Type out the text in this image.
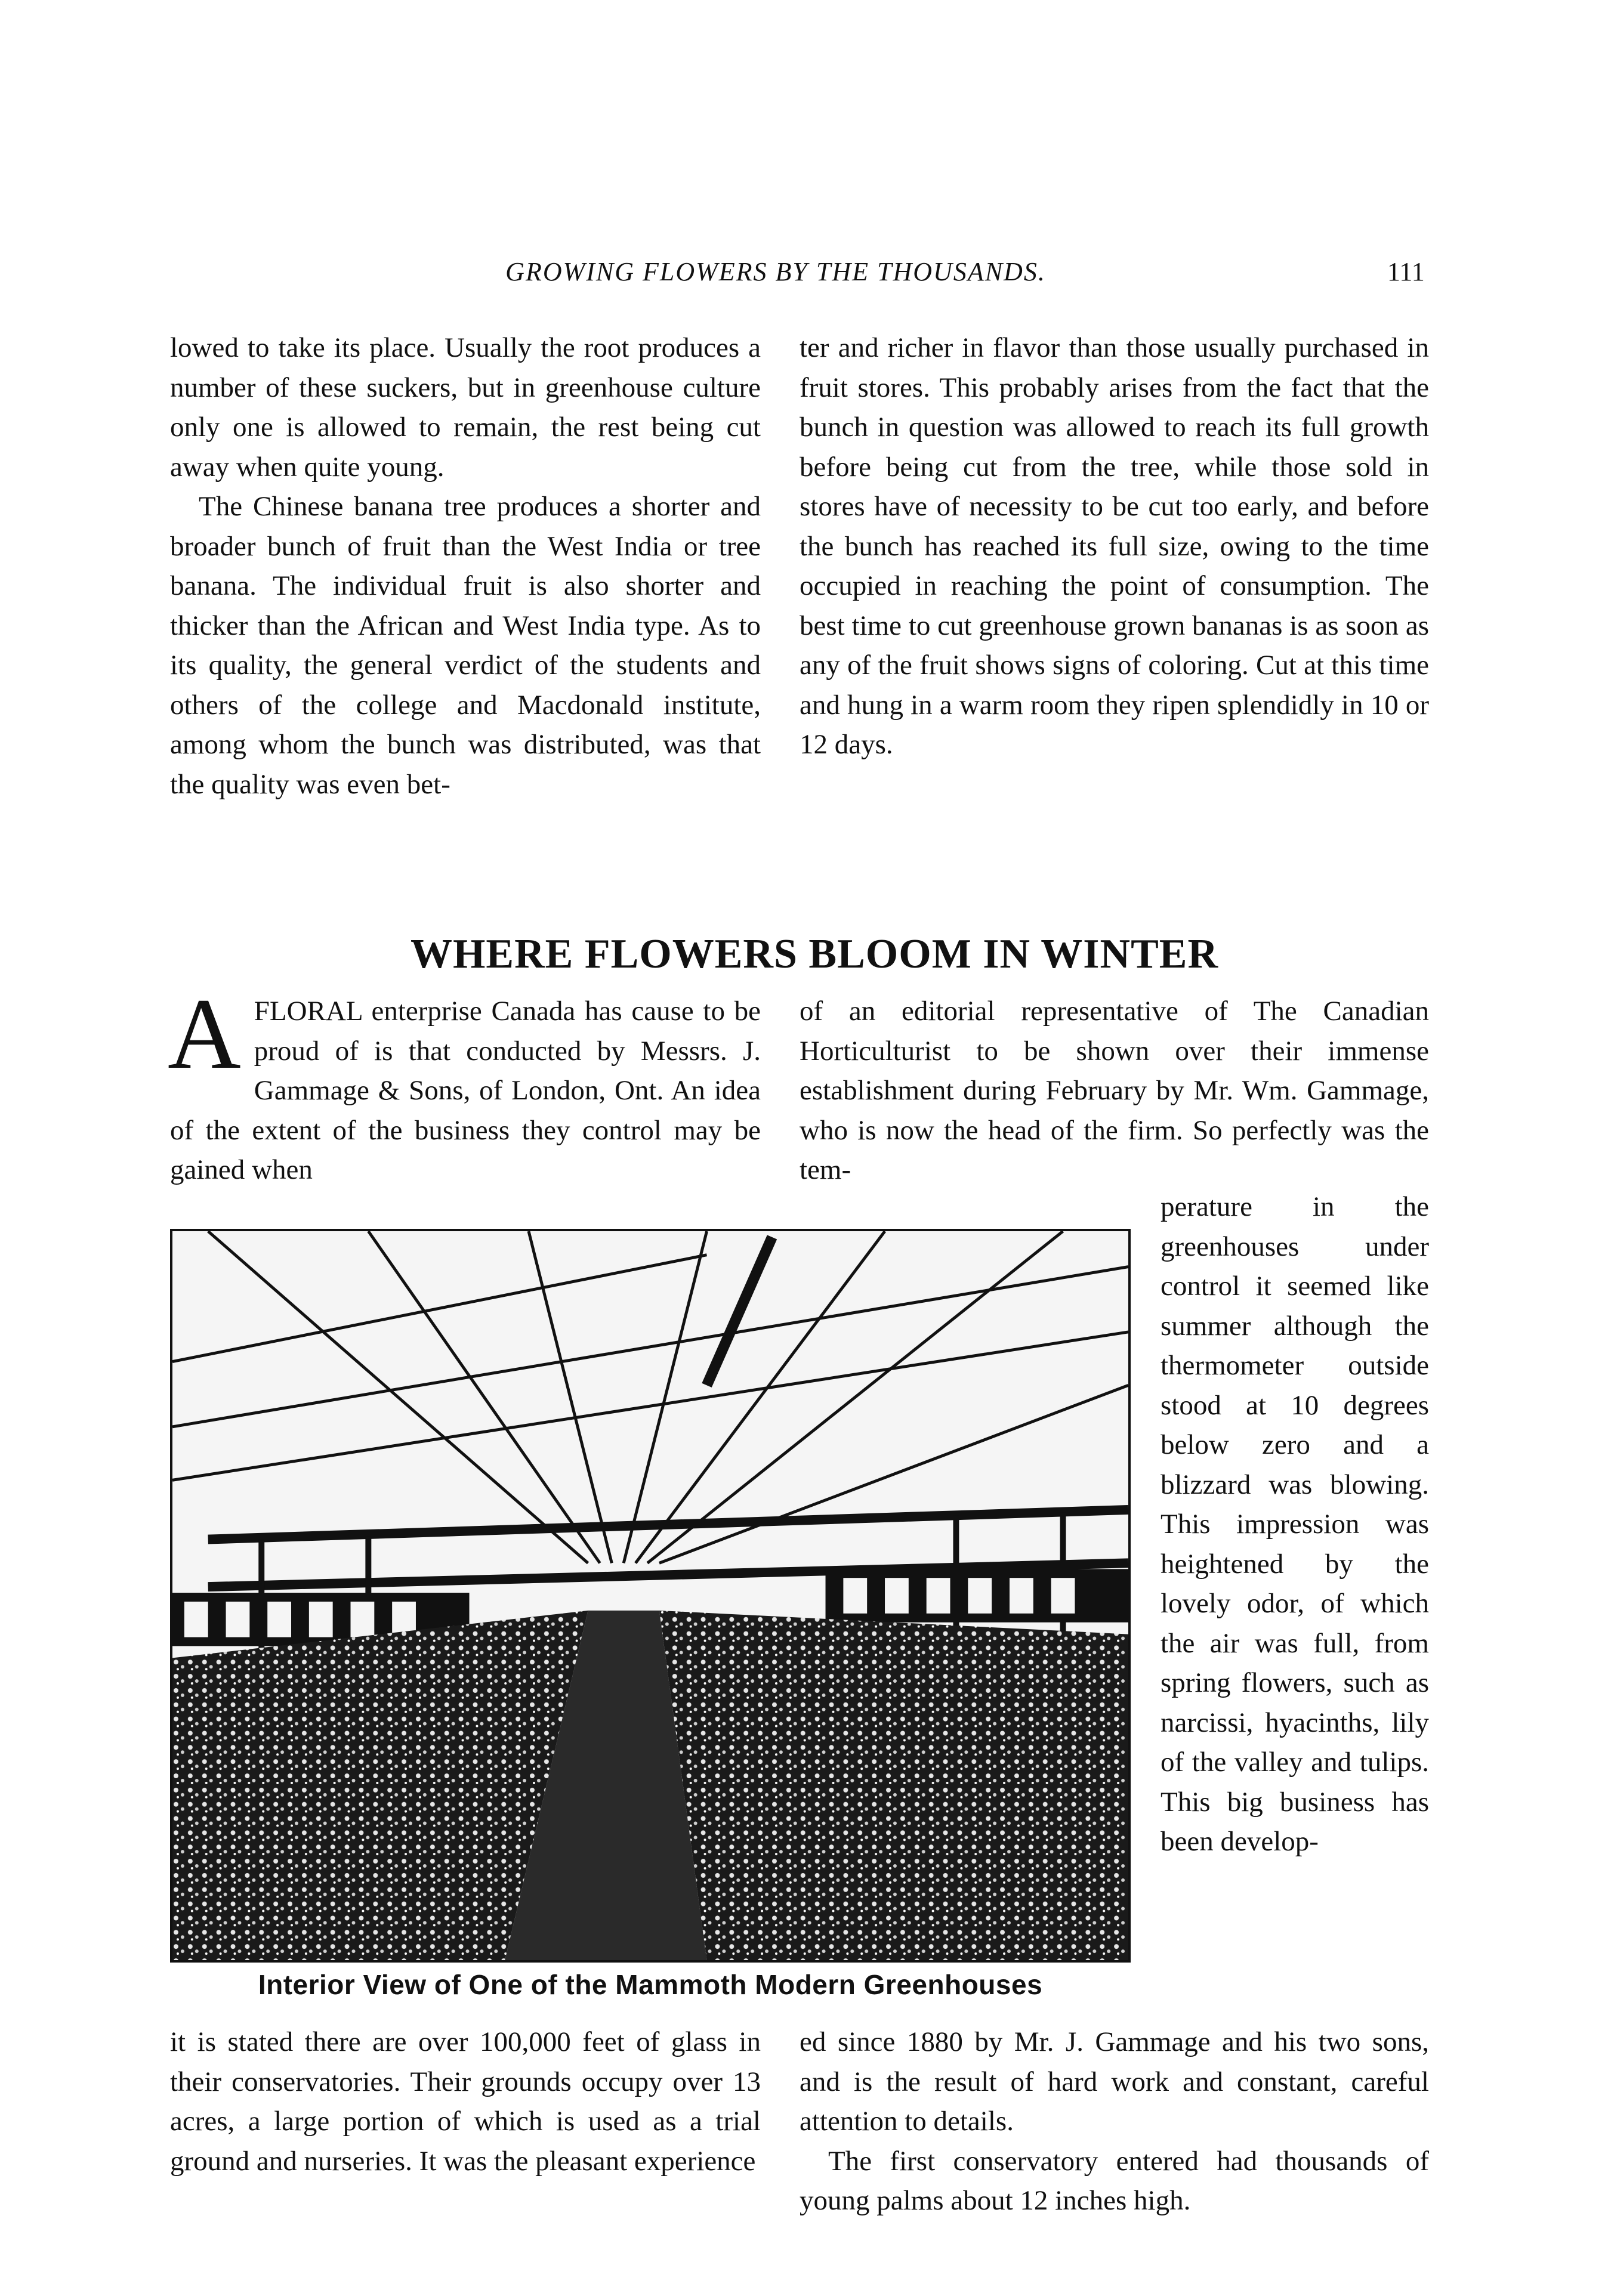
GROWING FLOWERS BY THE THOUSANDS.	111

lowed to take its place. Usually the root produces a number of these suckers, but in greenhouse culture only one is allowed to remain, the rest being cut away when quite young.

The Chinese banana tree produces a shorter and broader bunch of fruit than the West India or tree banana. The individual fruit is also shorter and thicker than the African and West India type. As to its quality, the general verdict of the students and others of the college and Macdonald institute, among whom the bunch was distributed, was that the quality was even bet-

ter and richer in flavor than those usually purchased in fruit stores. This probably arises from the fact that the bunch in question was allowed to reach its full growth before being cut from the tree, while those sold in stores have of necessity to be cut too early, and before the bunch has reached its full size, owing to the time occupied in reaching the point of consumption. The best time to cut greenhouse grown bananas is as soon as any of the fruit shows signs of coloring. Cut at this time and hung in a warm room they ripen splendidly in 10 or 12 days.

WHERE FLOWERS BLOOM IN WINTER

A FLORAL enterprise Canada has cause to be proud of is that conducted by Messrs. J. Gammage & Sons, of London, Ont. An idea of the extent of the business they control may be gained when

of an editorial representative of The Canadian Horticulturist to be shown over their immense establishment during February by Mr. Wm. Gammage, who is now the head of the firm. So perfectly was the tem-

perature in the greenhouses under control it seemed like summer although the thermometer outside stood at 10 degrees below zero and a blizzard was blowing. This impression was heightened by the lovely odor, of which the air was full, from spring flowers, such as narcissi, hyacinths, lily of the valley and tulips. This big business has been develop-

Interior View of One of the Mammoth Modern Greenhouses

it is stated there are over 100,000 feet of glass in their conservatories. Their grounds occupy over 13 acres, a large portion of which is used as a trial ground and nurseries. It was the pleasant experience

ed since 1880 by Mr. J. Gammage and his two sons, and is the result of hard work and constant, careful attention to details.

The first conservatory entered had thousands of young palms about 12 inches high.
